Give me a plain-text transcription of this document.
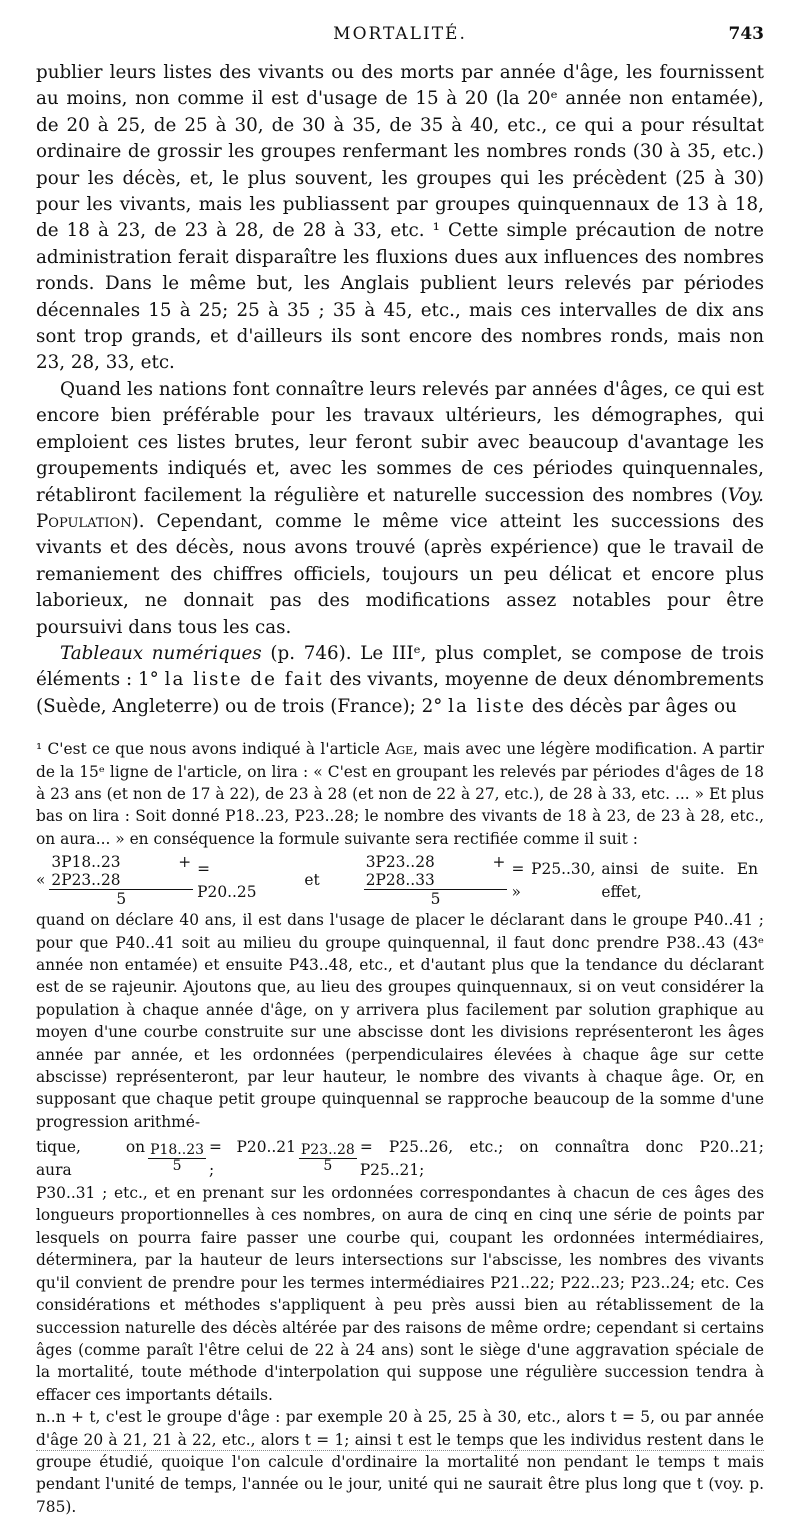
MORTALITÉ.	743

publier leurs listes des vivants ou des morts par année d'âge, les fournissent au moins, non comme il est d'usage de 15 à 20 (la 20ᵉ année non entamée), de 20 à 25, de 25 à 30, de 30 à 35, de 35 à 40, etc., ce qui a pour résultat ordinaire de grossir les groupes renfermant les nombres ronds (30 à 35, etc.) pour les décès, et, le plus souvent, les groupes qui les précèdent (25 à 30) pour les vivants, mais les publiassent par groupes quinquennaux de 13 à 18, de 18 à 23, de 23 à 28, de 28 à 33, etc. ¹ Cette simple précaution de notre administration ferait disparaître les fluxions dues aux influences des nombres ronds. Dans le même but, les Anglais publient leurs relevés par périodes décennales 15 à 25; 25 à 35 ; 35 à 45, etc., mais ces intervalles de dix ans sont trop grands, et d'ailleurs ils sont encore des nombres ronds, mais non 23, 28, 33, etc.

Quand les nations font connaître leurs relevés par années d'âges, ce qui est encore bien préférable pour les travaux ultérieurs, les démographes, qui emploient ces listes brutes, leur feront subir avec beaucoup d'avantage les groupements indiqués et, avec les sommes de ces périodes quinquennales, rétabliront facilement la régulière et naturelle succession des nombres (Voy. Population). Cependant, comme le même vice atteint les successions des vivants et des décès, nous avons trouvé (après expérience) que le travail de remaniement des chiffres officiels, toujours un peu délicat et encore plus laborieux, ne donnait pas des modifications assez notables pour être poursuivi dans tous les cas.

Tableaux numériques (p. 746). Le IIIᵉ, plus complet, se compose de trois éléments : 1° la liste de fait des vivants, moyenne de deux dénombrements (Suède, Angleterre) ou de trois (France); 2° la liste des décès par âges ou

¹ C'est ce que nous avons indiqué à l'article Age, mais avec une légère modification. A partir de la 15ᵉ ligne de l'article, on lira : « C'est en groupant les relevés par périodes d'âges de 18 à 23 ans (et non de 17 à 22), de 23 à 28 (et non de 22 à 27, etc.), de 28 à 33, etc. ... » Et plus bas on lira : Soit donné P18..23, P23..28; le nombre des vivants de 18 à 23, de 23 à 28, etc., on aura... » en conséquence la formule suivante sera rectifiée comme il suit :

« $\frac{3P18..23 + 2P23..28}{5} = P20..25$
et	$\frac{3P23..28 + 2P28..33}{5} = P25..30$, »
ainsi de suite. En effet,

quand on déclare 40 ans, il est dans l'usage de placer le déclarant dans le groupe P40..41 ; pour que P40..41 soit au milieu du groupe quinquennal, il faut donc prendre P38..43 (43ᵉ année non entamée) et ensuite P43..48, etc., et d'autant plus que la tendance du déclarant est de se rajeunir. Ajoutons que, au lieu des groupes quinquennaux, si on veut considérer la population à chaque année d'âge, on y arrivera plus facilement par solution graphique au moyen d'une courbe construite sur une abscisse dont les divisions représenteront les âges année par année, et les ordonnées (perpendiculaires élevées à chaque âge sur cette abscisse) représenteront, par leur hauteur, le nombre des vivants à chaque âge. Or, en supposant que chaque petit groupe quinquennal se rapproche beaucoup de la somme d'une progression arithmé-

tique, on aura	$\frac{P18..23}{5} = P20..21$ ;	$\frac{P23..28}{5} = P25..26$, etc.; on connaîtra donc P20..21; P25..21;

P30..31 ; etc., et en prenant sur les ordonnées correspondantes à chacun de ces âges des longueurs proportionnelles à ces nombres, on aura de cinq en cinq une série de points par lesquels on pourra faire passer une courbe qui, coupant les ordonnées intermédiaires, déterminera, par la hauteur de leurs intersections sur l'abscisse, les nombres des vivants qu'il convient de prendre pour les termes intermédiaires P21..22; P22..23; P23..24; etc. Ces considérations et méthodes s'appliquent à peu près aussi bien au rétablissement de la succession naturelle des décès altérée par des raisons de même ordre; cependant si certains âges (comme paraît l'être celui de 22 à 24 ans) sont le siège d'une aggravation spéciale de la mortalité, toute méthode d'interpolation qui suppose une régulière succession tendra à effacer ces importants détails.

n..n + t, c'est le groupe d'âge : par exemple 20 à 25, 25 à 30, etc., alors t = 5, ou par année d'âge 20 à 21, 21 à 22, etc., alors t = 1; ainsi t est le temps que les individus restent dans le groupe étudié, quoique l'on calcule d'ordinaire la mortalité non pendant le temps t mais pendant l'unité de temps, l'année ou le jour, unité qui ne saurait être plus long que t (voy. p. 785).
